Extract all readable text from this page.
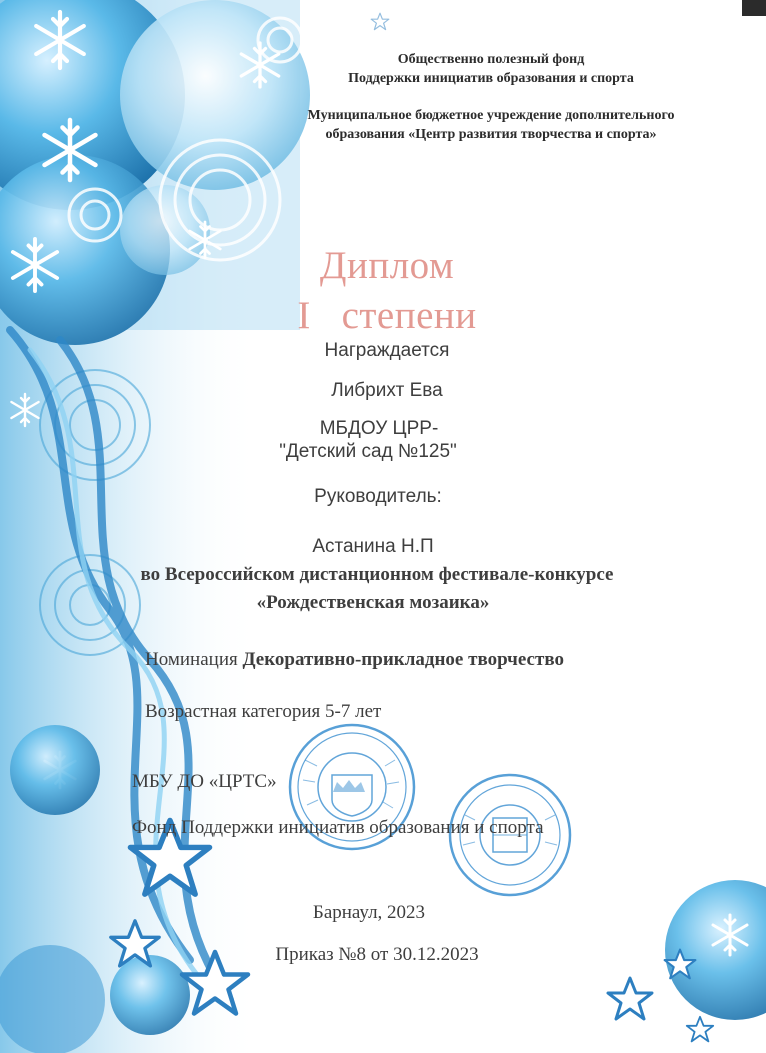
Общественно полезный фонд
Поддержки инициатив образования и спорта
Муниципальное бюджетное учреждение дополнительного
образования «Центр развития творчества и спорта»
Диплом
I степени
Награждается
Либрихт Ева
МБДОУ ЦРР-
"Детский сад №125"
Руководитель:
Астанина Н.П
во Всероссийском дистанционном фестивале-конкурсе
«Рождественская мозаика»
Номинация Декоративно-прикладное творчество
Возрастная категория 5-7 лет
МБУ ДО «ЦРТС»
Фонд Поддержки инициатив образования и спорта
Барнаул, 2023
Приказ №8 от 30.12.2023
